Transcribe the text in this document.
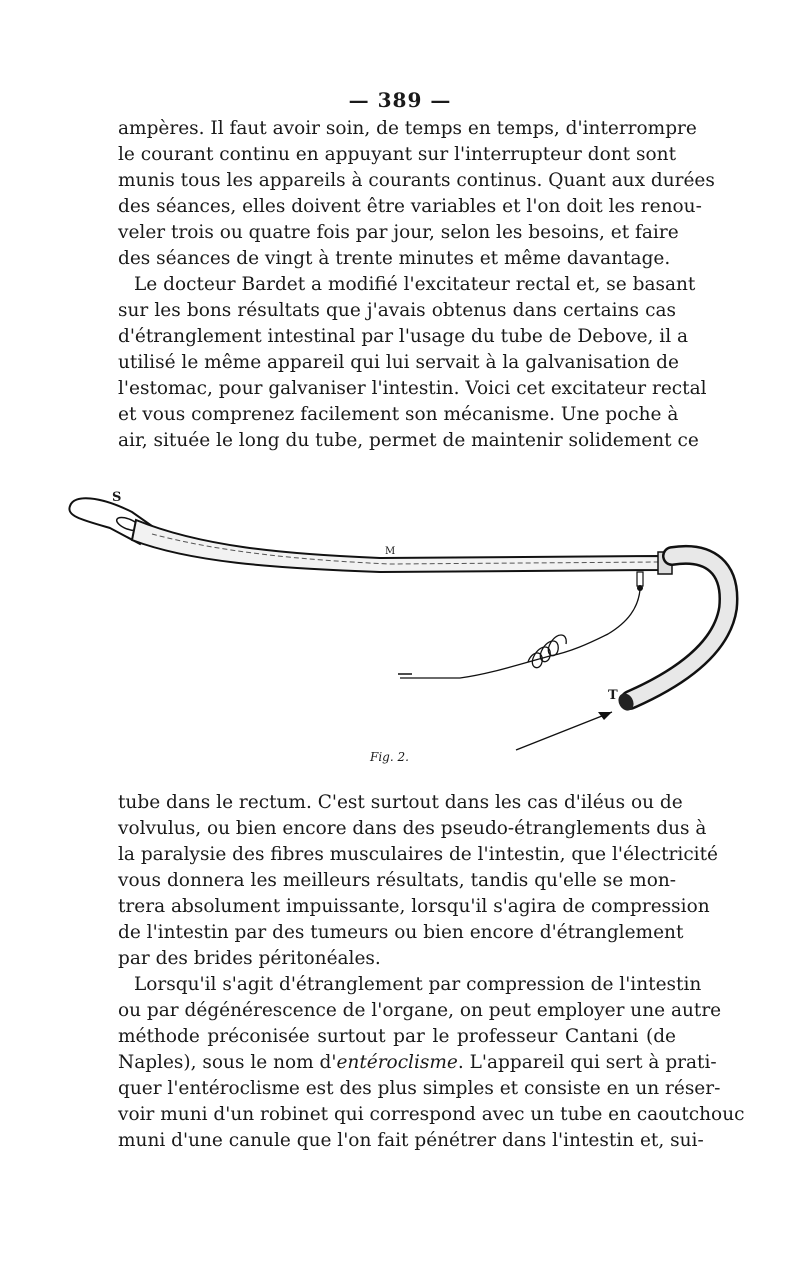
— 389 —
ampères. Il faut avoir soin, de temps en temps, d'interrompre
le courant continu en appuyant sur l'interrupteur dont sont
munis tous les appareils à courants continus. Quant aux durées
des séances, elles doivent être variables et l'on doit les renou-
veler trois ou quatre fois par jour, selon les besoins, et faire
des séances de vingt à trente minutes et même davantage.
Le docteur Bardet a modifié l'excitateur rectal et, se basant
sur les bons résultats que j'avais obtenus dans certains cas
d'étranglement intestinal par l'usage du tube de Debove, il a
utilisé le même appareil qui lui servait à la galvanisation de
l'estomac, pour galvaniser l'intestin. Voici cet excitateur rectal
et vous comprenez facilement son mécanisme. Une poche à
air, située le long du tube, permet de maintenir solidement ce
S
M
T
Fig. 2.
tube dans le rectum. C'est surtout dans les cas d'iléus ou de
volvulus, ou bien encore dans des pseudo-étranglements dus à
la paralysie des fibres musculaires de l'intestin, que l'électricité
vous donnera les meilleurs résultats, tandis qu'elle se mon-
trera absolument impuissante, lorsqu'il s'agira de compression
de l'intestin par des tumeurs ou bien encore d'étranglement
par des brides péritonéales.
Lorsqu'il s'agit d'étranglement par compression de l'intestin
ou par dégénérescence de l'organe, on peut employer une autre
méthode préconisée surtout par le professeur Cantani (de
Naples), sous le nom d'entéroclisme. L'appareil qui sert à prati-
quer l'entéroclisme est des plus simples et consiste en un réser-
voir muni d'un robinet qui correspond avec un tube en caoutchouc
muni d'une canule que l'on fait pénétrer dans l'intestin et, sui-
